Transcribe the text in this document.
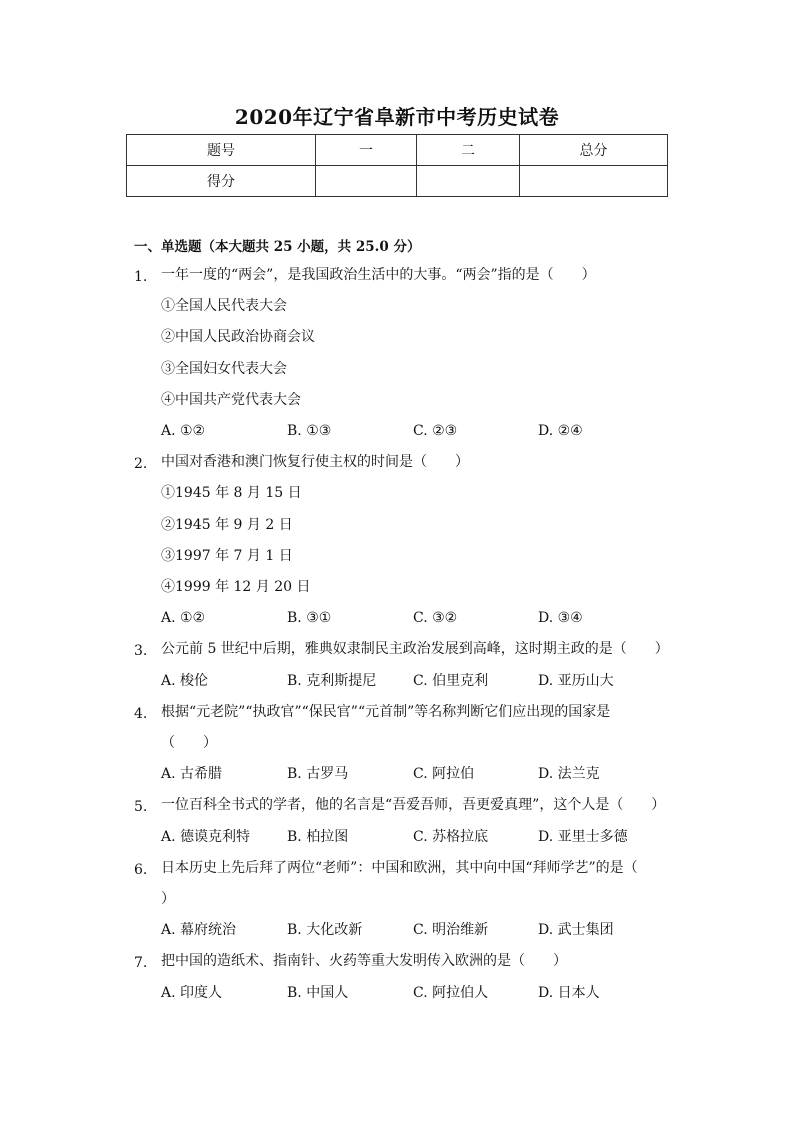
2020年辽宁省阜新市中考历史试卷
题号	一	二	总分
得分			
一、单选题（本大题共 25 小题，共 25.0 分）
1. 一年一度的“两会”，是我国政治生活中的大事。“两会”指的是（　　）
①全国人民代表大会
②中国人民政治协商会议
③全国妇女代表大会
④中国共产党代表大会
A. ①②	B. ①③	C. ②③	D. ②④
2. 中国对香港和澳门恢复行使主权的时间是（　　）
①1945 年 8 月 15 日
②1945 年 9 月 2 日
③1997 年 7 月 1 日
④1999 年 12 月 20 日
A. ①②	B. ③①	C. ③②	D. ③④
3. 公元前 5 世纪中后期，雅典奴隶制民主政治发展到高峰，这时期主政的是（　　）
A. 梭伦	B. 克利斯提尼	C. 伯里克利	D. 亚历山大
4. 根据“元老院”“执政官”“保民官”“元首制”等名称判断它们应出现的国家是
（　　）
A. 古希腊	B. 古罗马	C. 阿拉伯	D. 法兰克
5. 一位百科全书式的学者，他的名言是“吾爱吾师，吾更爱真理”，这个人是（　　）
A. 德谟克利特	B. 柏拉图	C. 苏格拉底	D. 亚里士多德
6. 日本历史上先后拜了两位“老师”：中国和欧洲，其中向中国“拜师学艺”的是（
）
A. 幕府统治	B. 大化改新	C. 明治维新	D. 武士集团
7. 把中国的造纸术、指南针、火药等重大发明传入欧洲的是（　　）
A. 印度人	B. 中国人	C. 阿拉伯人	D. 日本人
